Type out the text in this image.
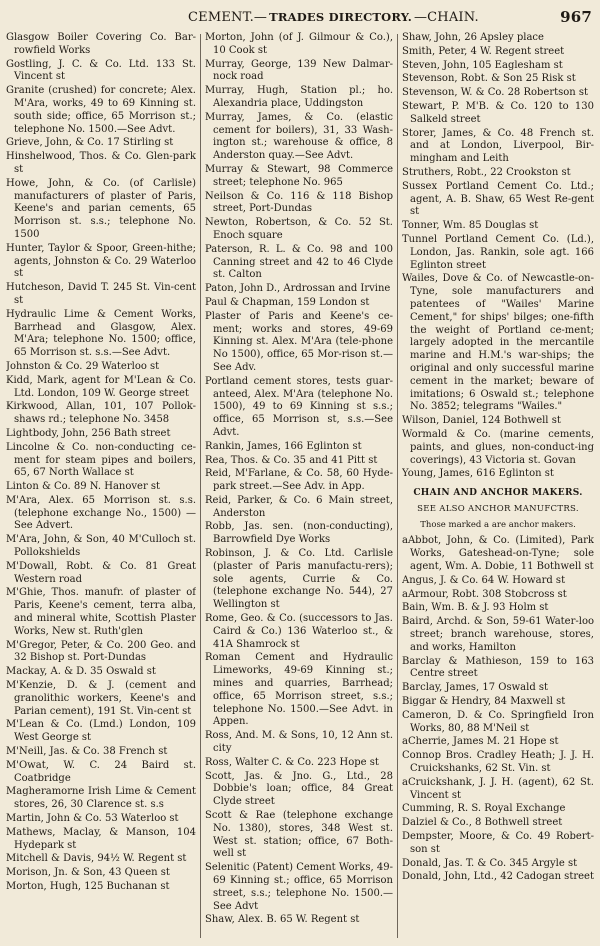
CEMENT. — TRADES DIRECTORY. — CHAIN.	967
Glasgow Boiler Covering Co. Bar-rowfield Works
Gostling, J. C. & Co. Ltd. 133 St. Vincent st
Granite (crushed) for concrete; Alex. M'Ara, works, 49 to 69 Kinning st. south side; office, 65 Morrison st.; telephone No. 1500.—See Advt.
Grieve, John, & Co. 17 Stirling st
Hinshelwood, Thos. & Co. Glen-park st
Howe, John, & Co. (of Carlisle) manufacturers of plaster of Paris, Keene's and parian cements, 65 Morrison st. s.s.; telephone No. 1500
Hunter, Taylor & Spoor, Green-hithe; agents, Johnston & Co. 29 Waterloo st
Hutcheson, David T. 245 St. Vin-cent st
Hydraulic Lime & Cement Works, Barrhead and Glasgow, Alex. M'Ara; telephone No. 1500; office, 65 Morrison st. s.s.—See Advt.
Johnston & Co. 29 Waterloo st
Kidd, Mark, agent for M'Lean & Co. Ltd. London, 109 W. George street
Kirkwood, Allan, 101, 107 Pollok-shaws rd.; telephone No. 3458
Lightbody, John, 256 Bath street
Lincolne & Co. non-conducting ce-ment for steam pipes and boilers, 65, 67 North Wallace st
Linton & Co. 89 N. Hanover st
M'Ara, Alex. 65 Morrison st. s.s. (telephone exchange No., 1500) —See Advert.
M'Ara, John, & Son, 40 M'Culloch st. Pollokshields
M'Dowall, Robt. & Co. 81 Great Western road
M'Ghie, Thos. manufr. of plaster of Paris, Keene's cement, terra alba, and mineral white, Scottish Plaster Works, New st. Ruth'glen
M'Gregor, Peter, & Co. 200 Geo. and 32 Bishop st. Port-Dundas
Mackay, A. & D. 35 Oswald st
M'Kenzie, D. & J. (cement and granolithic workers, Keene's and Parian cement), 191 St. Vin-cent st
M'Lean & Co. (Lmd.) London, 109 West George st
M'Neill, Jas. & Co. 38 French st
M'Owat, W. C. 24 Baird st. Coatbridge
Magheramorne Irish Lime & Cement stores, 26, 30 Clarence st. s.s
Martin, John & Co. 53 Waterloo st
Mathews, Maclay, & Manson, 104 Hydepark st
Mitchell & Davis, 94½ W. Regent st
Morison, Jn. & Son, 43 Queen st
Morton, Hugh, 125 Buchanan st
Morton, John (of J. Gilmour & Co.), 10 Cook st
Murray, George, 139 New Dalmar-nock road
Murray, Hugh, Station pl.; ho. Alexandria place, Uddingston
Murray, James, & Co. (elastic cement for boilers), 31, 33 Wash-ington st.; warehouse & office, 8 Anderston quay.—See Advt.
Murray & Stewart, 98 Commerce street; telephone No. 965
Neilson & Co. 116 & 118 Bishop street, Port-Dundas
Newton, Robertson, & Co. 52 St. Enoch square
Paterson, R. L. & Co. 98 and 100 Canning street and 42 to 46 Clyde st. Calton
Paton, John D., Ardrossan and Irvine
Paul & Chapman, 159 London st
Plaster of Paris and Keene's ce-ment; works and stores, 49-69 Kinning st. Alex. M'Ara (tele-phone No 1500), office, 65 Mor-rison st.—See Adv.
Portland cement stores, tests guar-anteed, Alex. M'Ara (telephone No. 1500), 49 to 69 Kinning st s.s.; office, 65 Morrison st, s.s.—See Advt.
Rankin, James, 166 Eglinton st
Rea, Thos. & Co. 35 and 41 Pitt st
Reid, M'Farlane, & Co. 58, 60 Hyde-park street.—See Adv. in App.
Reid, Parker, & Co. 6 Main street, Anderston
Robb, Jas. sen. (non-conducting), Barrowfield Dye Works
Robinson, J. & Co. Ltd. Carlisle (plaster of Paris manufactu-rers); sole agents, Currie & Co. (telephone exchange No. 544), 27 Wellington st
Rome, Geo. & Co. (successors to Jas. Caird & Co.) 136 Waterloo st., & 41A Shamrock st
Roman Cement and Hydraulic Limeworks, 49-69 Kinning st.; mines and quarries, Barrhead; office, 65 Morrison street, s.s.; telephone No. 1500.—See Advt. in Appen.
Ross, And. M. & Sons, 10, 12 Ann st. city
Ross, Walter C. & Co. 223 Hope st
Scott, Jas. & Jno. G., Ltd., 28 Dobbie's loan; office, 84 Great Clyde street
Scott & Rae (telephone exchange No. 1380), stores, 348 West st. West st. station; office, 67 Both-well st
Selenitic (Patent) Cement Works, 49-69 Kinning st.; office, 65 Morrison street, s.s.; telephone No. 1500.—See Advt
Shaw, Alex. B. 65 W. Regent st
Shaw, John, 26 Apsley place
Smith, Peter, 4 W. Regent street
Steven, John, 105 Eaglesham st
Stevenson, Robt. & Son 25 Risk st
Stevenson, W. & Co. 28 Robertson st
Stewart, P. M'B. & Co. 120 to 130 Salkeld street
Storer, James, & Co. 48 French st. and at London, Liverpool, Bir-mingham and Leith
Struthers, Robt., 22 Crookston st
Sussex Portland Cement Co. Ltd.; agent, A. B. Shaw, 65 West Re-gent st
Tonner, Wm. 85 Douglas st
Tunnel Portland Cement Co. (Ld.), London, Jas. Rankin, sole agt. 166 Eglinton street
Wailes, Dove & Co. of Newcastle-on-Tyne, sole manufacturers and patentees of "Wailes' Marine Cement," for ships' bilges; one-fifth the weight of Portland ce-ment; largely adopted in the mercantile marine and H.M.'s war-ships; the original and only successful marine cement in the market; beware of imitations; 6 Oswald st.; telephone No. 3852; telegrams "Wailes."
Wilson, Daniel, 124 Bothwell st
Wormald & Co. (marine cements, paints, and glues, non-conduct-ing coverings), 43 Victoria st. Govan
Young, James, 616 Eglinton st
CHAIN AND ANCHOR MAKERS.
SEE ALSO ANCHOR MANUFCTRS.
Those marked a are anchor makers.
aAbbot, John, & Co. (Limited), Park Works, Gateshead-on-Tyne; sole agent, Wm. A. Dobie, 11 Bothwell st
Angus, J. & Co. 64 W. Howard st
aArmour, Robt. 308 Stobcross st
Bain, Wm. B. & J. 93 Holm st
Baird, Archd. & Son, 59-61 Water-loo street; branch warehouse, stores, and works, Hamilton
Barclay & Mathieson, 159 to 163 Centre street
Barclay, James, 17 Oswald st
Biggar & Hendry, 84 Maxwell st
Cameron, D. & Co. Springfield Iron Works, 80, 88 M'Neil st
aCherrie, James M. 21 Hope st
Connop Bros. Cradley Heath; J. J. H. Cruickshanks, 62 St. Vin. st
aCruickshank, J. J. H. (agent), 62 St. Vincent st
Cumming, R. S. Royal Exchange
Dalziel & Co., 8 Bothwell street
Dempster, Moore, & Co. 49 Robert-son st
Donald, Jas. T. & Co. 345 Argyle st
Donald, John, Ltd., 42 Cadogan street
